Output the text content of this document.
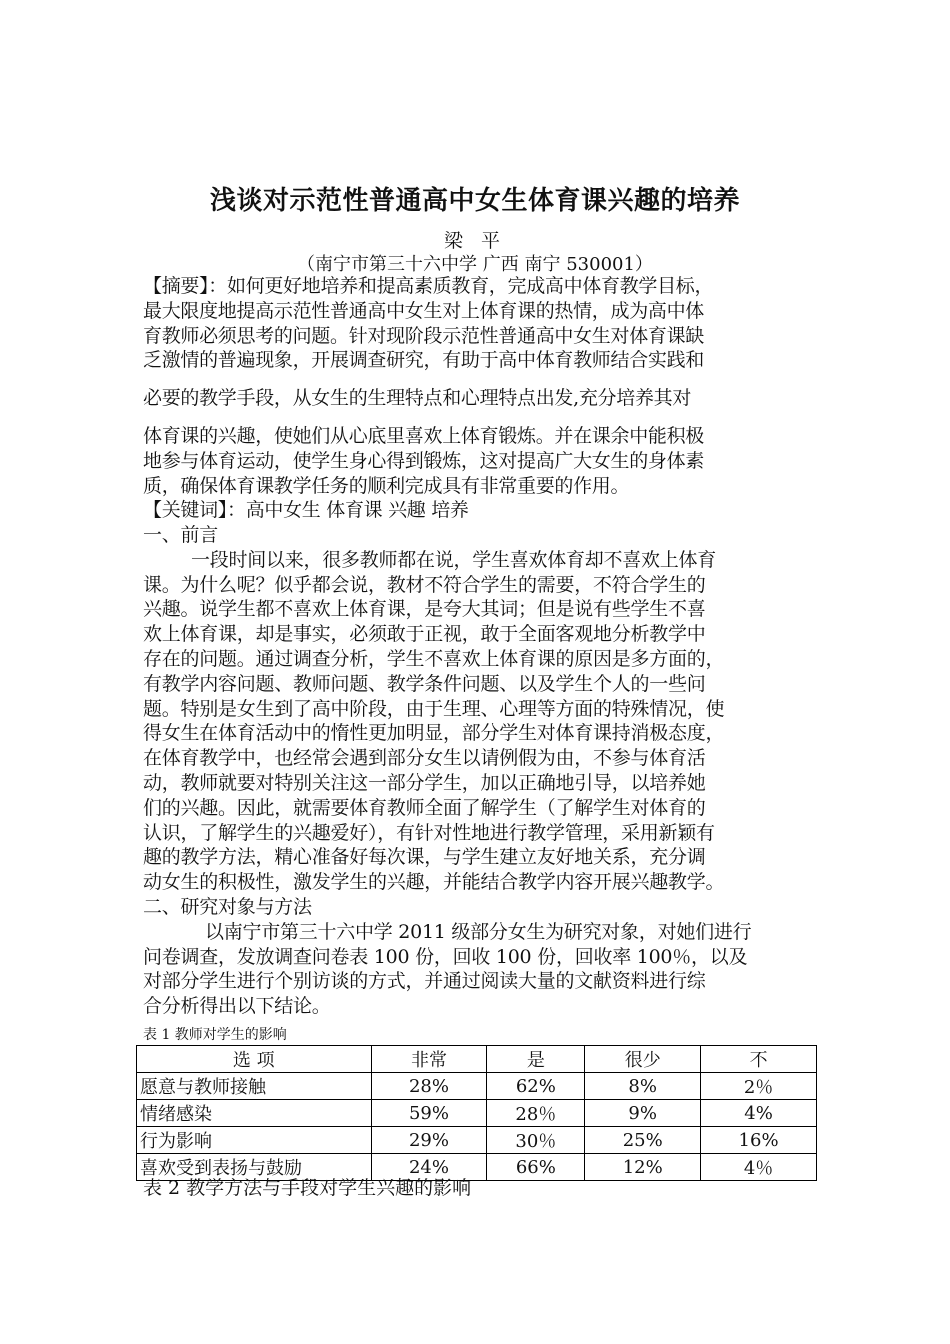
浅谈对示范性普通高中女生体育课兴趣的培养
梁 平
（南宁市第三十六中学 广西 南宁 530001）
【摘要】：如何更好地培养和提高素质教育，完成高中体育教学目标，
最大限度地提高示范性普通高中女生对上体育课的热情，成为高中体
育教师必须思考的问题。针对现阶段示范性普通高中女生对体育课缺
乏激情的普遍现象，开展调查研究，有助于高中体育教师结合实践和
必要的教学手段，从女生的生理特点和心理特点出发,充分培养其对
体育课的兴趣，使她们从心底里喜欢上体育锻炼。并在课余中能积极
地参与体育运动，使学生身心得到锻炼，这对提高广大女生的身体素
质，确保体育课教学任务的顺利完成具有非常重要的作用。
【关键词】：高中女生 体育课 兴趣 培养
一、前言
一段时间以来，很多教师都在说，学生喜欢体育却不喜欢上体育
课。为什么呢？似乎都会说，教材不符合学生的需要，不符合学生的
兴趣。说学生都不喜欢上体育课，是夸大其词；但是说有些学生不喜
欢上体育课，却是事实，必须敢于正视，敢于全面客观地分析教学中
存在的问题。通过调查分析，学生不喜欢上体育课的原因是多方面的，
有教学内容问题、教师问题、教学条件问题、以及学生个人的一些问
题。特别是女生到了高中阶段，由于生理、心理等方面的特殊情况，使
得女生在体育活动中的惰性更加明显，部分学生对体育课持消极态度，
在体育教学中，也经常会遇到部分女生以请例假为由，不参与体育活
动，教师就要对特别关注这一部分学生，加以正确地引导，以培养她
们的兴趣。因此，就需要体育教师全面了解学生（了解学生对体育的
认识，了解学生的兴趣爱好），有针对性地进行教学管理，采用新颖有
趣的教学方法，精心准备好每次课，与学生建立友好地关系，充分调
动女生的积极性，激发学生的兴趣，并能结合教学内容开展兴趣教学。
二、研究对象与方法
以南宁市第三十六中学 2011 级部分女生为研究对象，对她们进行
问卷调查，发放调查问卷表 100 份，回收 100 份，回收率 100％，以及
对部分学生进行个别访谈的方式，并通过阅读大量的文献资料进行综
合分析得出以下结论。
表 1 教师对学生的影响
选 项	非常	是	很少	不
愿意与教师接触	28%	62%	8%	2％
情绪感染	59%	28％	9%	4%
行为影响	29%	30％	25%	16%
喜欢受到表扬与鼓励	24%	66%	12%	4％
表 2 教学方法与手段对学生兴趣的影响
